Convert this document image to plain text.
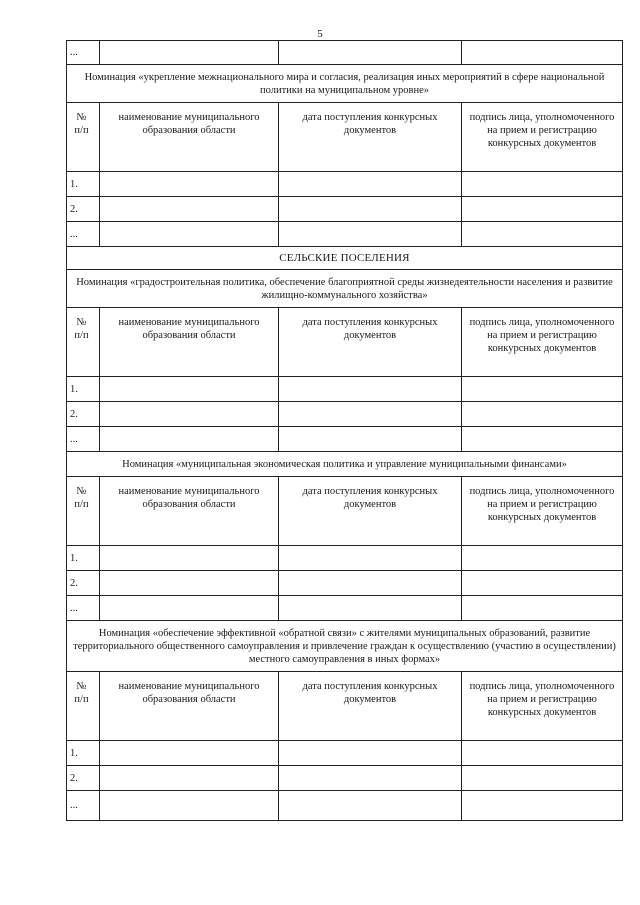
5
...			
Номинация «укрепление межнационального мира и согласия, реализация иных мероприятий в сфере национальной политики на муниципальном уровне»			
№
п/п	наименование муниципального образования области	дата поступления конкурсных документов	подпись лица, уполномоченного на прием и регистрацию конкурсных документов
1.			
2.			
...			
СЕЛЬСКИЕ ПОСЕЛЕНИЯ			
Номинация «градостроительная политика, обеспечение благоприятной среды жизнедеятельности населения и развитие жилищно-коммунального хозяйства»			
№
п/п	наименование муниципального образования области	дата поступления конкурсных документов	подпись лица, уполномоченного на прием и регистрацию конкурсных документов
1.			
2.			
...			
Номинация «муниципальная экономическая политика и управление муниципальными финансами»			
№
п/п	наименование муниципального образования области	дата поступления конкурсных документов	подпись лица, уполномоченного на прием и регистрацию конкурсных документов
1.			
2.			
...			
Номинация «обеспечение эффективной «обратной связи» с жителями муниципальных образований, развитие территориального общественного самоуправления и привлечение граждан к осуществлению (участию в осуществлении) местного самоуправления в иных формах»			
№
п/п	наименование муниципального образования области	дата поступления конкурсных документов	подпись лица, уполномоченного на прием и регистрацию конкурсных документов
1.			
2.			
...			
